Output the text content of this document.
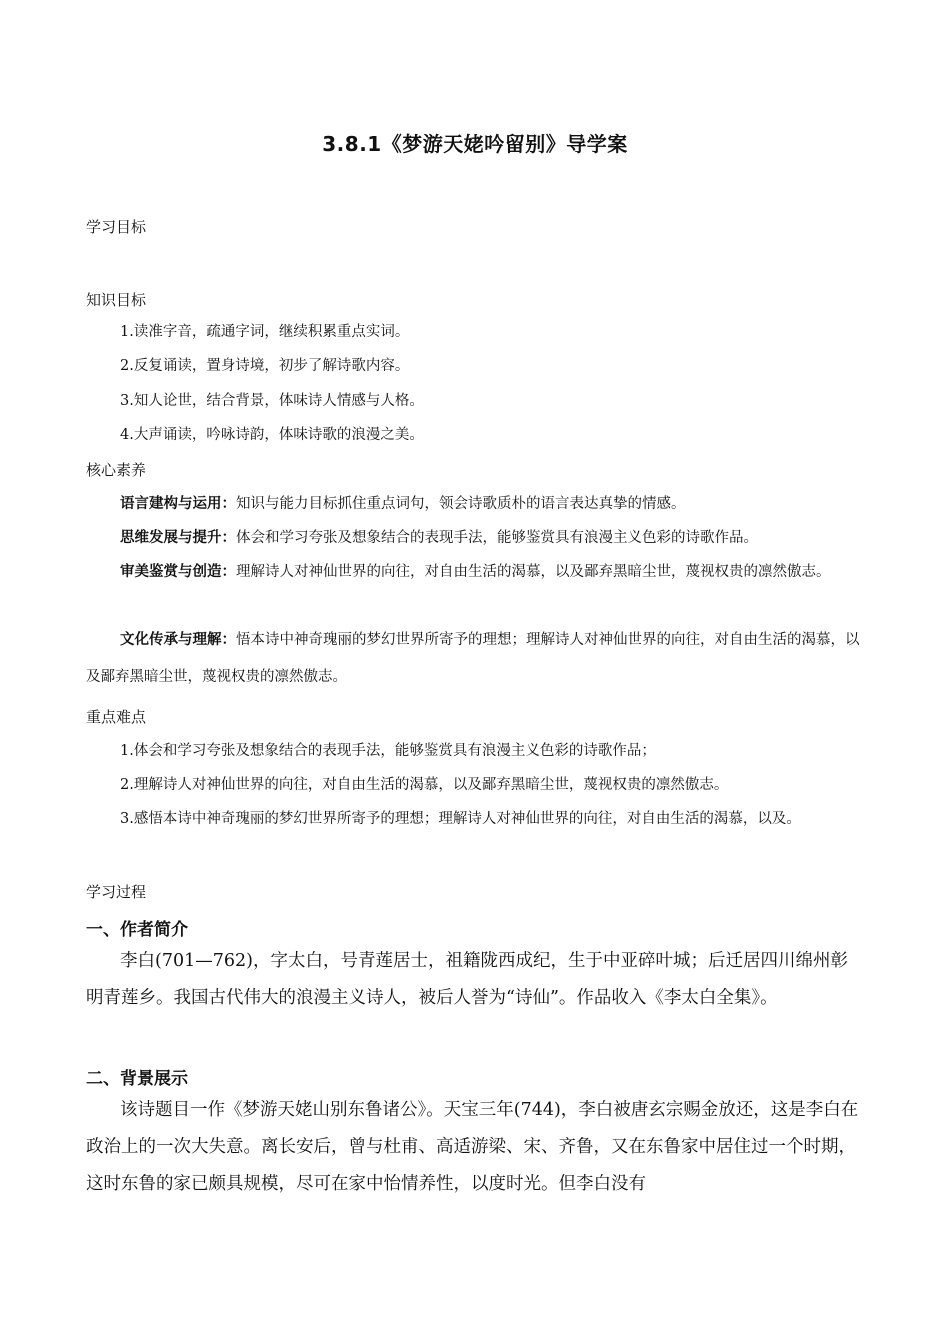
3.8.1《梦游天姥吟留别》导学案
学习目标
知识目标
1.读准字音，疏通字词，继续积累重点实词。
2.反复诵读，置身诗境，初步了解诗歌内容。
3.知人论世，结合背景，体味诗人情感与人格。
4.大声诵读，吟咏诗韵，体味诗歌的浪漫之美。
核心素养
语言建构与运用：知识与能力目标抓住重点词句，领会诗歌质朴的语言表达真挚的情感。
思维发展与提升：体会和学习夸张及想象结合的表现手法，能够鉴赏具有浪漫主义色彩的诗歌作品。
审美鉴赏与创造：理解诗人对神仙世界的向往，对自由生活的渴慕，以及鄙弃黑暗尘世，蔑视权贵的凛然傲志。
文化传承与理解：悟本诗中神奇瑰丽的梦幻世界所寄予的理想；理解诗人对神仙世界的向往，对自由生活的渴慕，以及鄙弃黑暗尘世，蔑视权贵的凛然傲志。
重点难点
1.体会和学习夸张及想象结合的表现手法，能够鉴赏具有浪漫主义色彩的诗歌作品；
2.理解诗人对神仙世界的向往，对自由生活的渴慕，以及鄙弃黑暗尘世，蔑视权贵的凛然傲志。
3.感悟本诗中神奇瑰丽的梦幻世界所寄予的理想；理解诗人对神仙世界的向往，对自由生活的渴慕，以及。
学习过程
一、作者简介
李白(701—762)，字太白，号青莲居士，祖籍陇西成纪，生于中亚碎叶城；后迁居四川绵州彰明青莲乡。我国古代伟大的浪漫主义诗人，被后人誉为“诗仙”。作品收入《李太白全集》。
二、背景展示
该诗题目一作《梦游天姥山别东鲁诸公》。天宝三年(744)，李白被唐玄宗赐金放还，这是李白在政治上的一次大失意。离长安后，曾与杜甫、高适游梁、宋、齐鲁，又在东鲁家中居住过一个时期，这时东鲁的家已颇具规模，尽可在家中怡情养性，以度时光。但李白没有
